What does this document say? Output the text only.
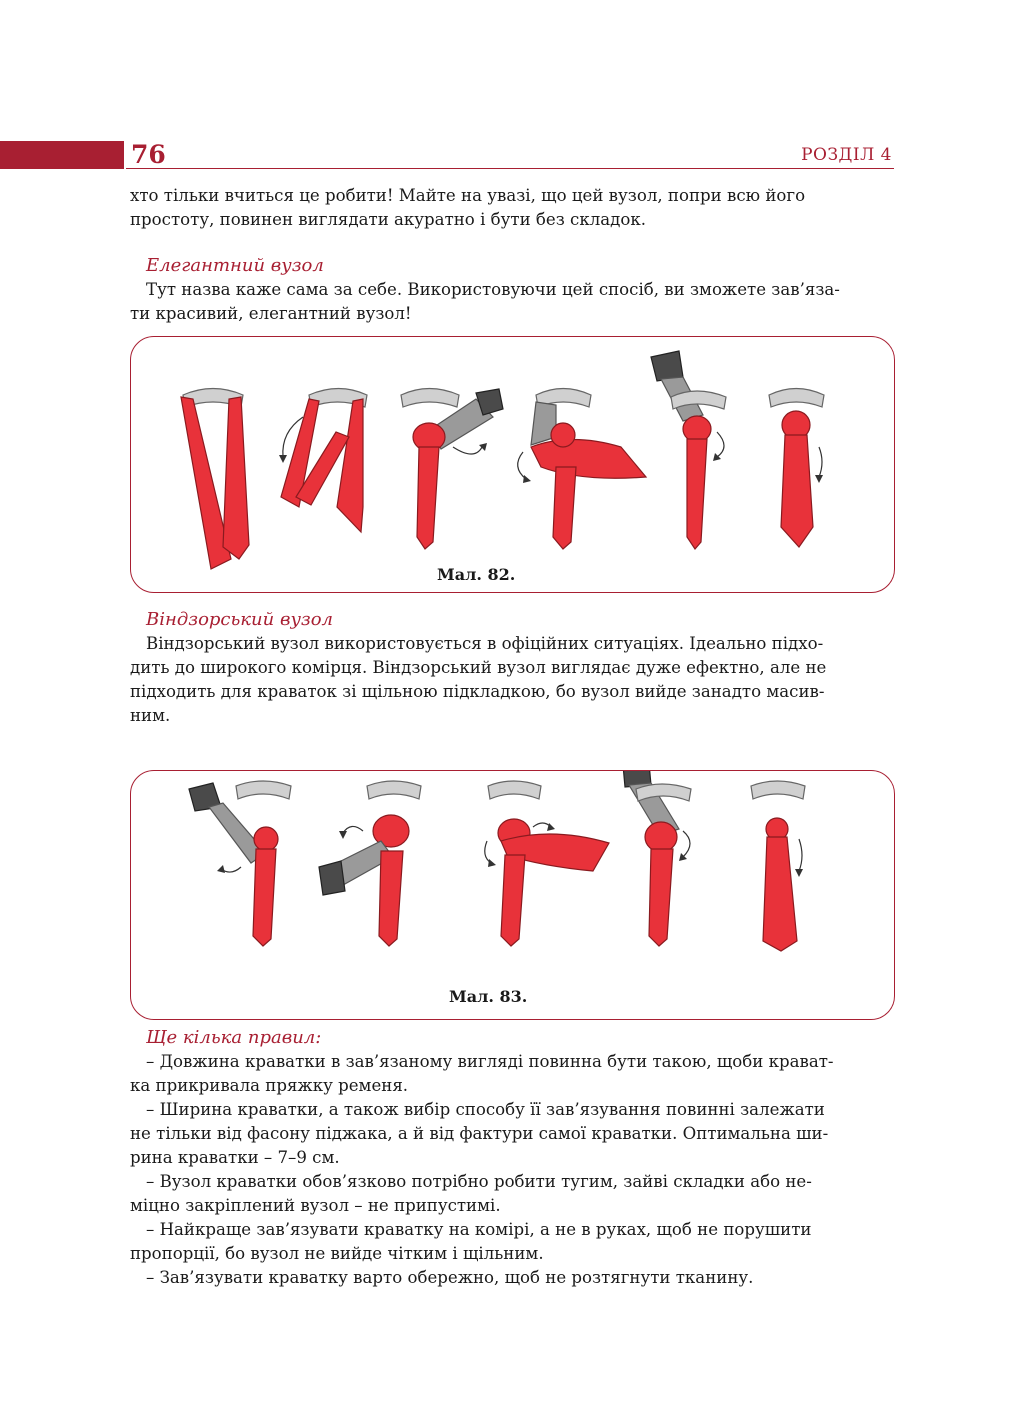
76	РОЗДІЛ 4

хто тільки вчиться це робити! Майте на увазі, що цей вузол, попри всю його

простоту, повинен виглядати акуратно і бути без складок.

Елегантний вузол

Тут назва каже сама за себе. Використовуючи цей спосіб, ви зможете зав’яза-

ти красивий, елегантний вузол!

Мал. 82.
Віндзорський вузол

Віндзорський вузол використовується в офіційних ситуаціях. Ідеально підхо-

дить до широкого комірця. Віндзорський вузол виглядає дуже ефектно, але не

підходить для краваток зі щільною підкладкою, бо вузол вийде занадто масив-

ним.

Мал. 83.
Ще кілька правил:

– Довжина краватки в зав’язаному вигляді повинна бути такою, щоби крават-

ка прикривала пряжку ременя.

– Ширина краватки, а також вибір способу її зав’язування повинні залежати

не тільки від фасону піджака, а й від фактури самої краватки. Оптимальна ши-

рина краватки – 7–9 см.

– Вузол краватки обов’язково потрібно робити тугим, зайві складки або не-

міцно закріплений вузол – не припустимі.

– Найкраще зав’язувати краватку на комірі, а не в руках, щоб не порушити

пропорції, бо вузол не вийде чітким і щільним.

– Зав’язувати краватку варто обережно, щоб не розтягнути тканину.
